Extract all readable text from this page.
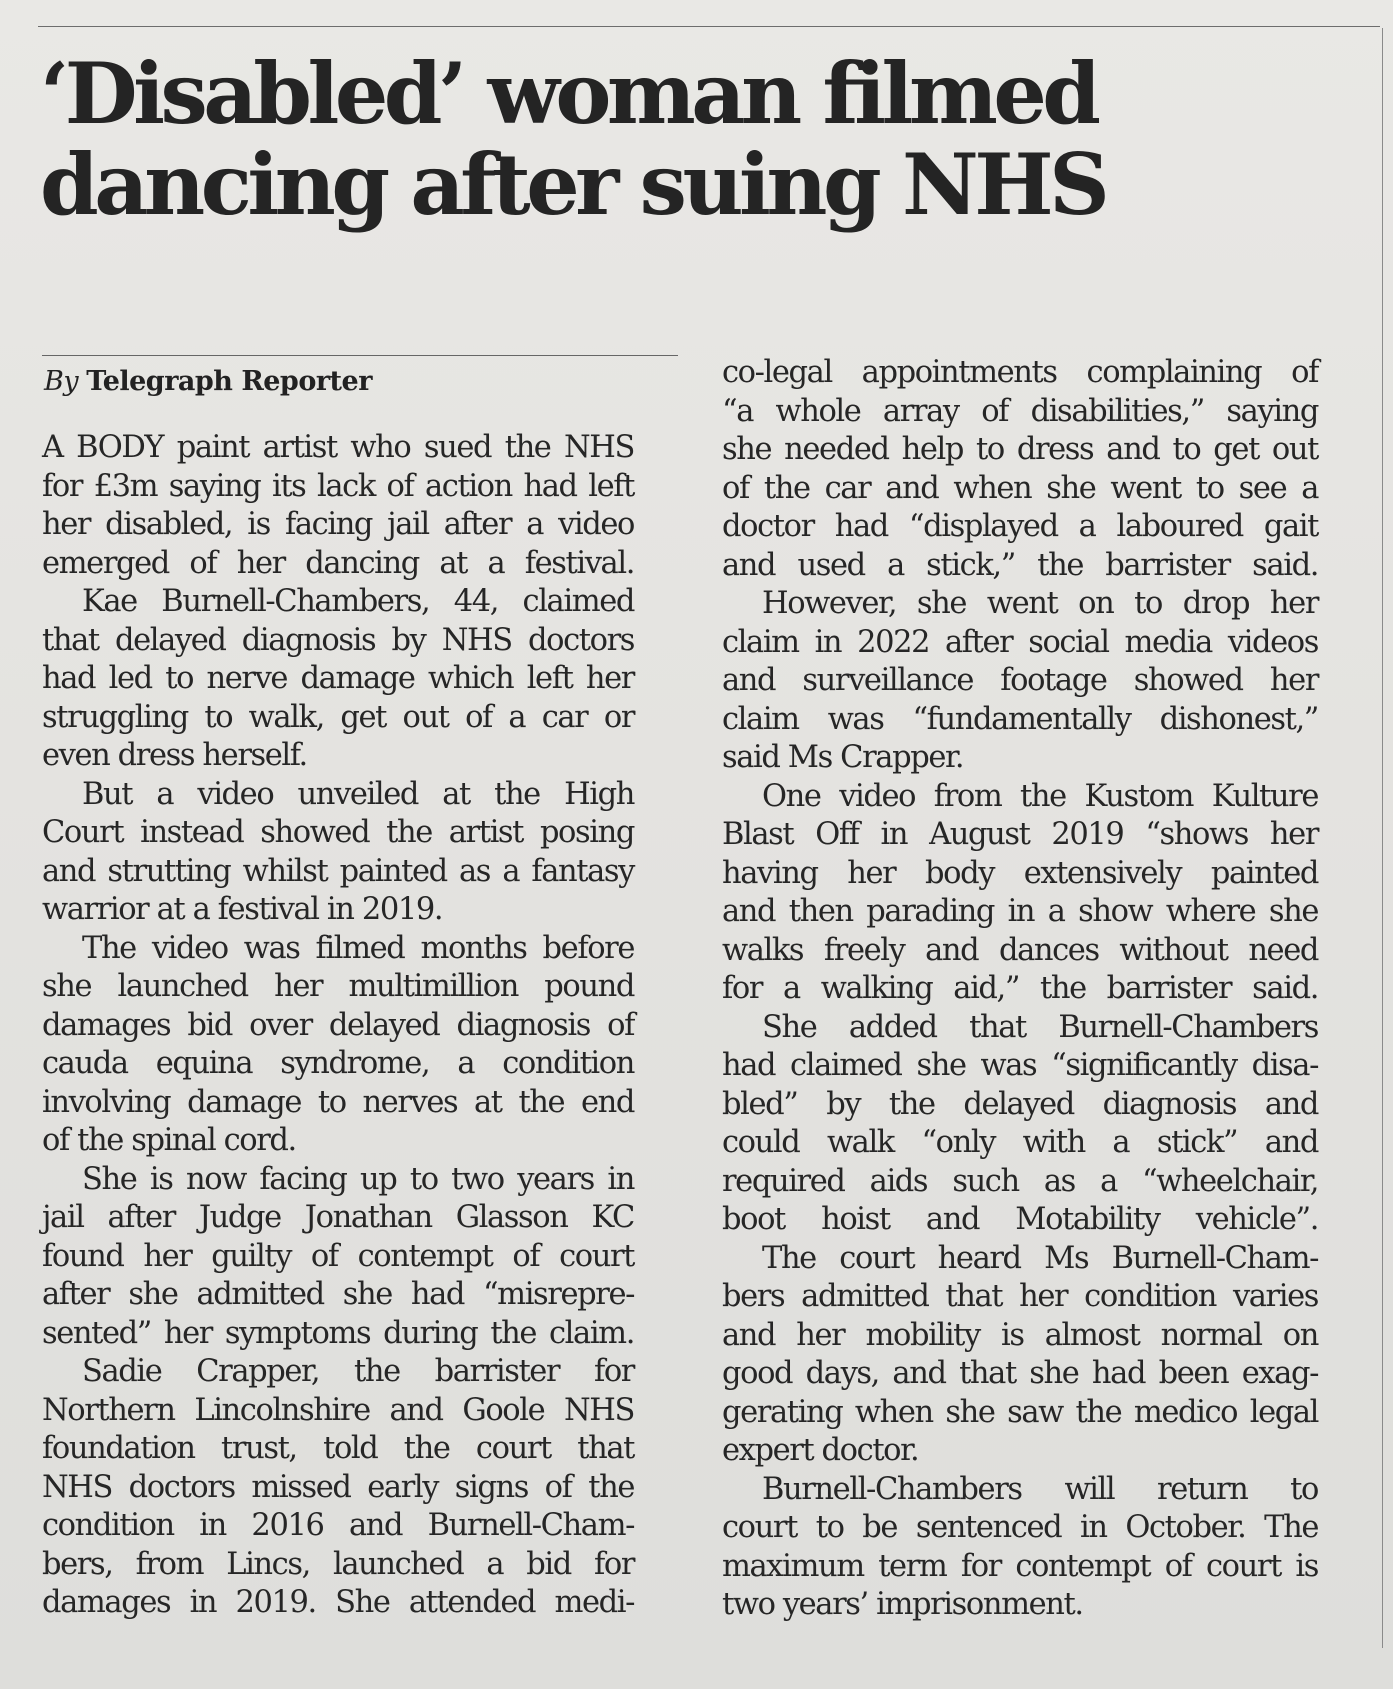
‘Disabled’ woman filmed
dancing after suing NHS
By Telegraph Reporter
A BODY paint artist who sued the NHS
for £3m saying its lack of action had left
her disabled, is facing jail after a video
emerged of her dancing at a festival.
Kae Burnell-Chambers, 44, claimed
that delayed diagnosis by NHS doctors
had led to nerve damage which left her
struggling to walk, get out of a car or
even dress herself.
But a video unveiled at the High
Court instead showed the artist posing
and strutting whilst painted as a fantasy
warrior at a festival in 2019.
The video was filmed months before
she launched her multimillion pound
damages bid over delayed diagnosis of
cauda equina syndrome, a condition
involving damage to nerves at the end
of the spinal cord.
She is now facing up to two years in
jail after Judge Jonathan Glasson KC
found her guilty of contempt of court
after she admitted she had “misrepre-
sented” her symptoms during the claim.
Sadie Crapper, the barrister for
Northern Lincolnshire and Goole NHS
foundation trust, told the court that
NHS doctors missed early signs of the
condition in 2016 and Burnell-Cham-
bers, from Lincs, launched a bid for
damages in 2019. She attended medi-
co-legal appointments complaining of
“a whole array of disabilities,” saying
she needed help to dress and to get out
of the car and when she went to see a
doctor had “displayed a laboured gait
and used a stick,” the barrister said.
However, she went on to drop her
claim in 2022 after social media videos
and surveillance footage showed her
claim was “fundamentally dishonest,”
said Ms Crapper.
One video from the Kustom Kulture
Blast Off in August 2019 “shows her
having her body extensively painted
and then parading in a show where she
walks freely and dances without need
for a walking aid,” the barrister said.
She added that Burnell-Chambers
had claimed she was “significantly disa-
bled” by the delayed diagnosis and
could walk “only with a stick” and
required aids such as a “wheelchair,
boot hoist and Motability vehicle”.
The court heard Ms Burnell-Cham-
bers admitted that her condition varies
and her mobility is almost normal on
good days, and that she had been exag-
gerating when she saw the medico legal
expert doctor.
Burnell-Chambers will return to
court to be sentenced in October. The
maximum term for contempt of court is
two years’ imprisonment.
